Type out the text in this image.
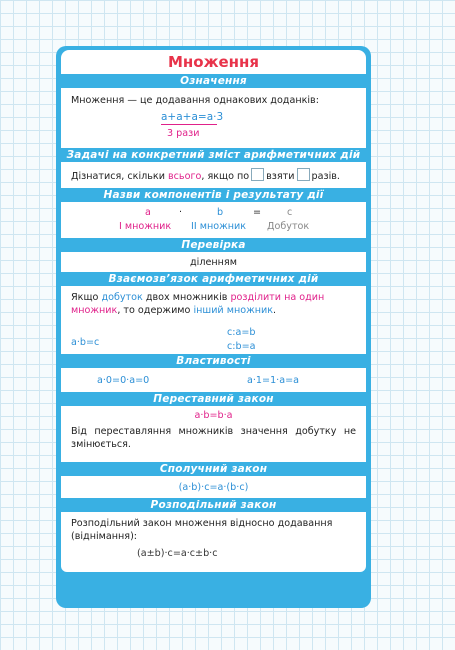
Множення
Означення
Множення — це додавання однакових доданків:
a+a+a=a·3
3 рази
Задачі на конкретний зміст арифметичних дій
Дізнатися, скільки всього, якщо по взяти разів.
Назви компонентів і результату дії
a	·	b	=	c
І множник ІІ множник Добуток
Перевірка
діленням
Взаємозв’язок арифметичних дій
Якщо добуток двох множників розділити на один множник, то одержимо інший множник.
a·b=c
c:a=b
c:b=a
Властивості
a·0=0·a=0	a·1=1·a=a
Переставний закон
a·b=b·a
Від переставляння множників значення добутку не змінюється.
Сполучний закон
(a·b)·c=a·(b·c)
Розподільний закон
Розподільний закон множення відносно додавання (віднімання):
(a±b)·c=a·c±b·c
